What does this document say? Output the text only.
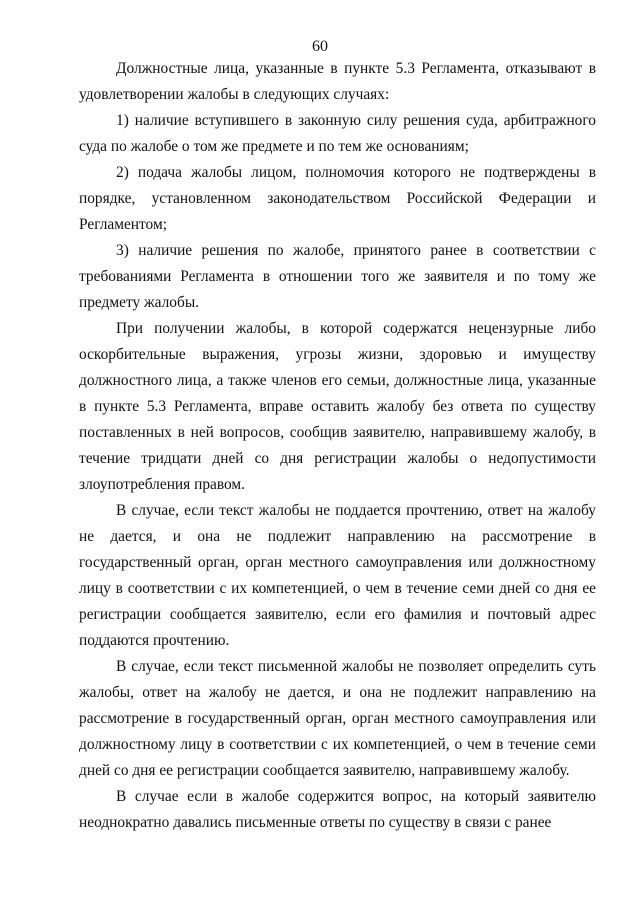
60

Должностные лица, указанные в пункте 5.3 Регламента, отказывают в удовлетворении жалобы в следующих случаях:

1) наличие вступившего в законную силу решения суда, арбитражного суда по жалобе о том же предмете и по тем же основаниям;

2) подача жалобы лицом, полномочия которого не подтверждены в порядке, установленном законодательством Российской Федерации и Регламентом;

3) наличие решения по жалобе, принятого ранее в соответствии с требованиями Регламента в отношении того же заявителя и по тому же предмету жалобы.

При получении жалобы, в которой содержатся нецензурные либо оскорбительные выражения, угрозы жизни, здоровью и имуществу должностного лица, а также членов его семьи, должностные лица, указанные в пункте 5.3 Регламента, вправе оставить жалобу без ответа по существу поставленных в ней вопросов, сообщив заявителю, направившему жалобу, в течение тридцати дней со дня регистрации жалобы о недопустимости злоупотребления правом.

В случае, если текст жалобы не поддается прочтению, ответ на жалобу не дается, и она не подлежит направлению на рассмотрение в государственный орган, орган местного самоуправления или должностному лицу в соответствии с их компетенцией, о чем в течение семи дней со дня ее регистрации сообщается заявителю, если его фамилия и почтовый адрес поддаются прочтению.

В случае, если текст письменной жалобы не позволяет определить суть жалобы, ответ на жалобу не дается, и она не подлежит направлению на рассмотрение в государственный орган, орган местного самоуправления или должностному лицу в соответствии с их компетенцией, о чем в течение семи дней со дня ее регистрации сообщается заявителю, направившему жалобу.

В случае если в жалобе содержится вопрос, на который заявителю неоднократно давались письменные ответы по существу в связи с ранее
